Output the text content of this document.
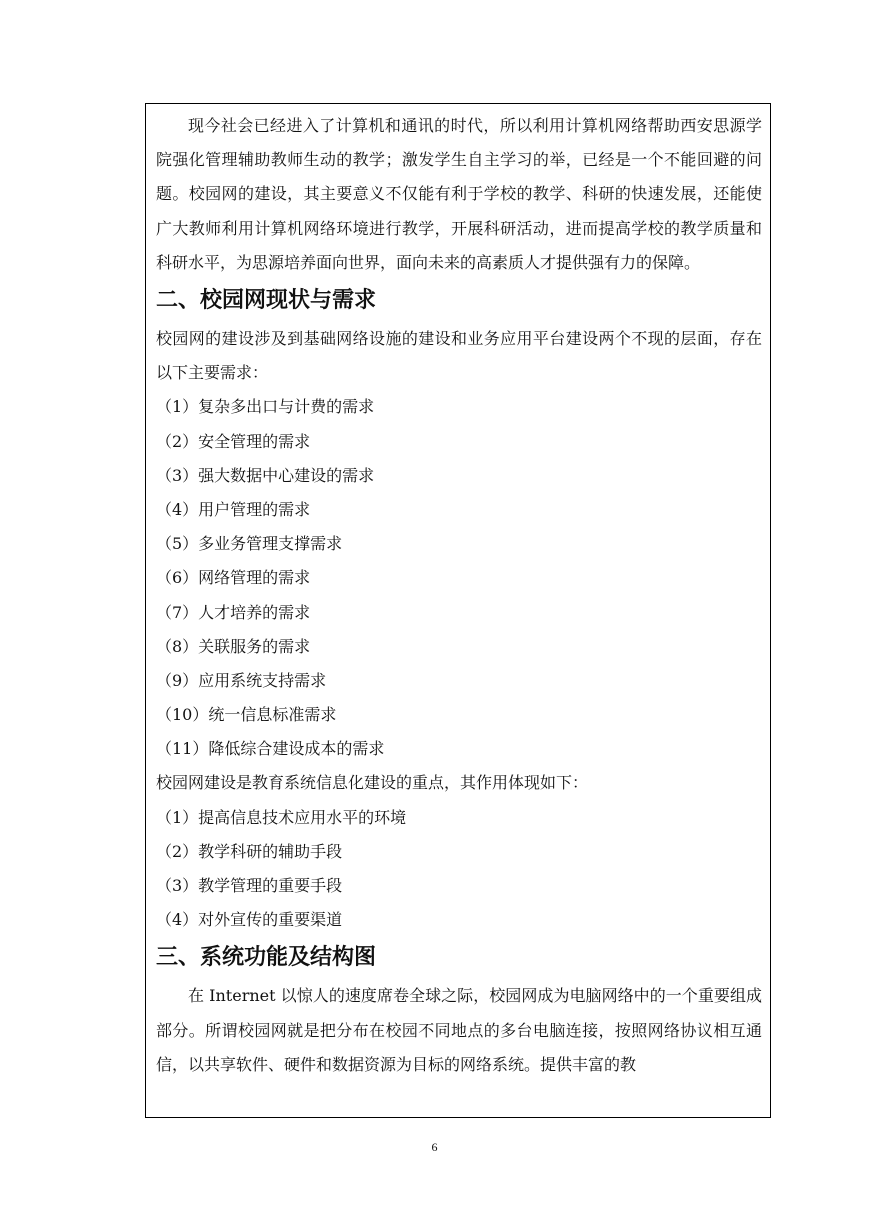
现今社会已经进入了计算机和通讯的时代，所以利用计算机网络帮助西安思源学院强化管理辅助教师生动的教学；激发学生自主学习的举，已经是一个不能回避的问题。校园网的建设，其主要意义不仅能有利于学校的教学、科研的快速发展，还能使广大教师利用计算机网络环境进行教学，开展科研活动，进而提高学校的教学质量和科研水平，为思源培养面向世界，面向未来的高素质人才提供强有力的保障。

二、校园网现状与需求

校园网的建设涉及到基础网络设施的建设和业务应用平台建设两个不现的层面，存在以下主要需求：

（1）复杂多出口与计费的需求
（2）安全管理的需求
（3）强大数据中心建设的需求
（4）用户管理的需求
（5）多业务管理支撑需求
（6）网络管理的需求
（7）人才培养的需求
（8）关联服务的需求
（9）应用系统支持需求
（10）统一信息标准需求
（11）降低综合建设成本的需求

校园网建设是教育系统信息化建设的重点，其作用体现如下：

（1）提高信息技术应用水平的环境
（2）教学科研的辅助手段
（3）教学管理的重要手段
（4）对外宣传的重要渠道
三、系统功能及结构图

在 Internet 以惊人的速度席卷全球之际，校园网成为电脑网络中的一个重要组成部分。所谓校园网就是把分布在校园不同地点的多台电脑连接，按照网络协议相互通信，以共享软件、硬件和数据资源为目标的网络系统。提供丰富的教

6
